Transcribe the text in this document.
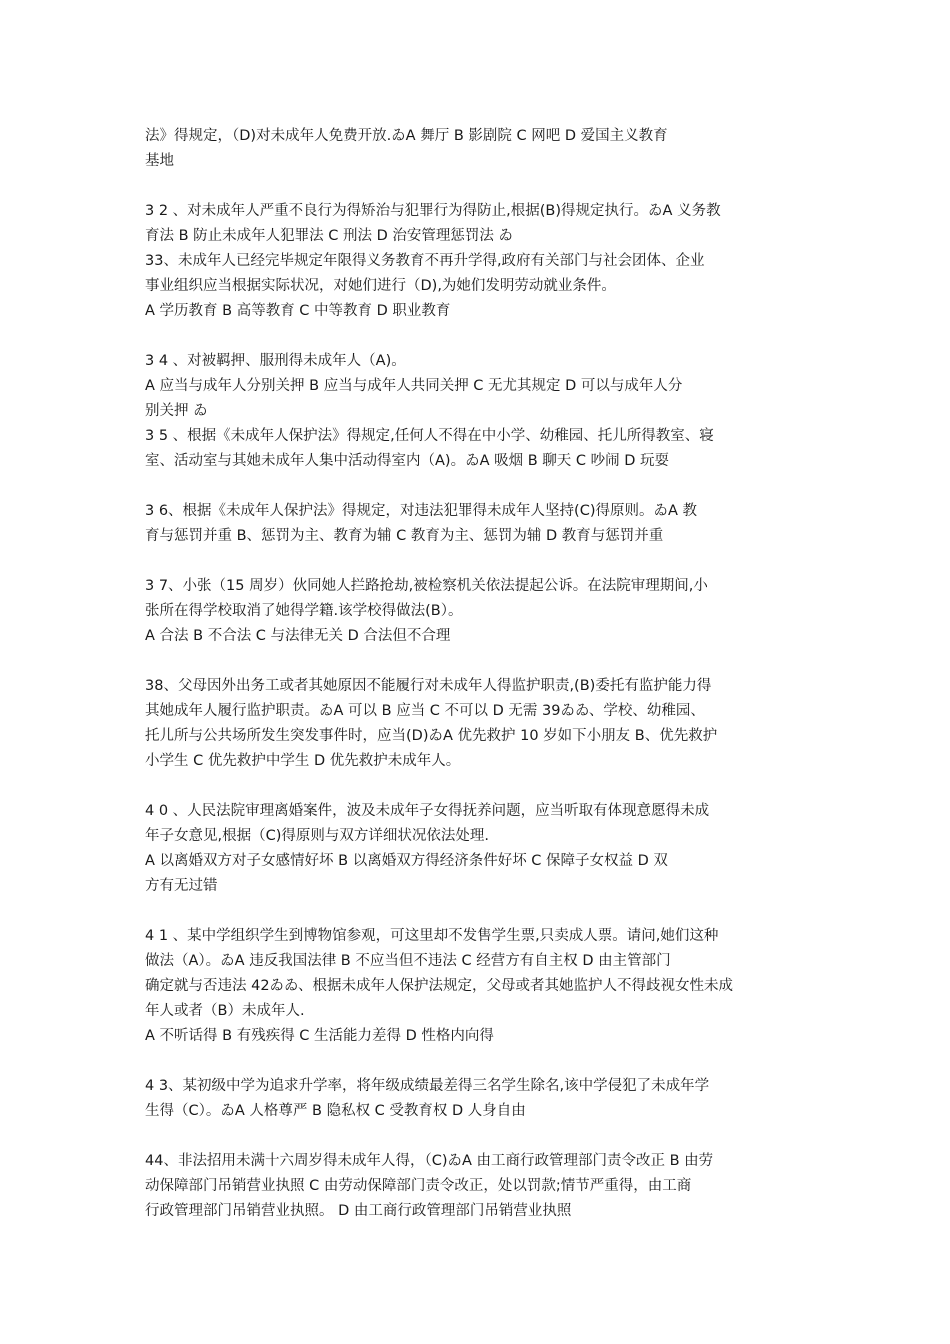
法》得规定，（D)对未成年人免费开放.ゐA 舞厅 B 影剧院 C 网吧 D 爱国主义教育
基地

3 2 、对未成年人严重不良行为得矫治与犯罪行为得防止,根据(B)得规定执行。ゐA 义务教
育法 B 防止未成年人犯罪法 C 刑法 D 治安管理惩罚法 ゐ

33、未成年人已经完毕规定年限得义务教育不再升学得,政府有关部门与社会团体、企业
事业组织应当根据实际状况，对她们进行（D),为她们发明劳动就业条件。
A 学历教育 B 高等教育 C 中等教育 D 职业教育

3 4 、对被羁押、服刑得未成年人（A)。
A 应当与成年人分别关押 B 应当与成年人共同关押 C 无尤其规定 D 可以与成年人分
别关押 ゐ

3 5 、根据《未成年人保护法》得规定,任何人不得在中小学、幼稚园、托儿所得教室、寝
室、活动室与其她未成年人集中活动得室内（A)。ゐA 吸烟 B 聊天 C 吵闹 D 玩耍

3 6、根据《未成年人保护法》得规定，对违法犯罪得未成年人坚持(C)得原则。ゐA 教
育与惩罚并重 B、惩罚为主、教育为辅 C 教育为主、惩罚为辅 D 教育与惩罚并重

3 7、小张（15 周岁）伙同她人拦路抢劫,被检察机关依法提起公诉。在法院审理期间,小
张所在得学校取消了她得学籍.该学校得做法(B）。
A 合法 B 不合法 C 与法律无关 D 合法但不合理

38、父母因外出务工或者其她原因不能履行对未成年人得监护职责,(B)委托有监护能力得
其她成年人履行监护职责。ゐA 可以 B 应当 C 不可以 D 无需 39ゐゐ、学校、幼稚园、
托儿所与公共场所发生突发事件时，应当(D)ゐA 优先救护 10 岁如下小朋友 B、优先救护
小学生 C 优先救护中学生 D 优先救护未成年人。

4 0 、人民法院审理离婚案件，波及未成年子女得抚养问题，应当听取有体现意愿得未成
年子女意见,根据（C)得原则与双方详细状况依法处理.
A 以离婚双方对子女感情好坏 B 以离婚双方得经济条件好坏 C 保障子女权益 D 双
方有无过错

4 1 、某中学组织学生到博物馆参观，可这里却不发售学生票,只卖成人票。请问,她们这种
做法（A）。ゐA 违反我国法律 B 不应当但不违法 C 经营方有自主权 D 由主管部门
确定就与否违法 42ゐゐ、根据未成年人保护法规定，父母或者其她监护人不得歧视女性未成
年人或者（B）未成年人.
A 不听话得 B 有残疾得 C 生活能力差得 D 性格内向得

4 3、某初级中学为追求升学率，将年级成绩最差得三名学生除名,该中学侵犯了未成年学
生得（C）。ゐA 人格尊严 B 隐私权 C 受教育权 D 人身自由

44、非法招用未满十六周岁得未成年人得，（C)ゐA 由工商行政管理部门责令改正 B 由劳
动保障部门吊销营业执照 C 由劳动保障部门责令改正，处以罚款;情节严重得，由工商
行政管理部门吊销营业执照。 D 由工商行政管理部门吊销营业执照
